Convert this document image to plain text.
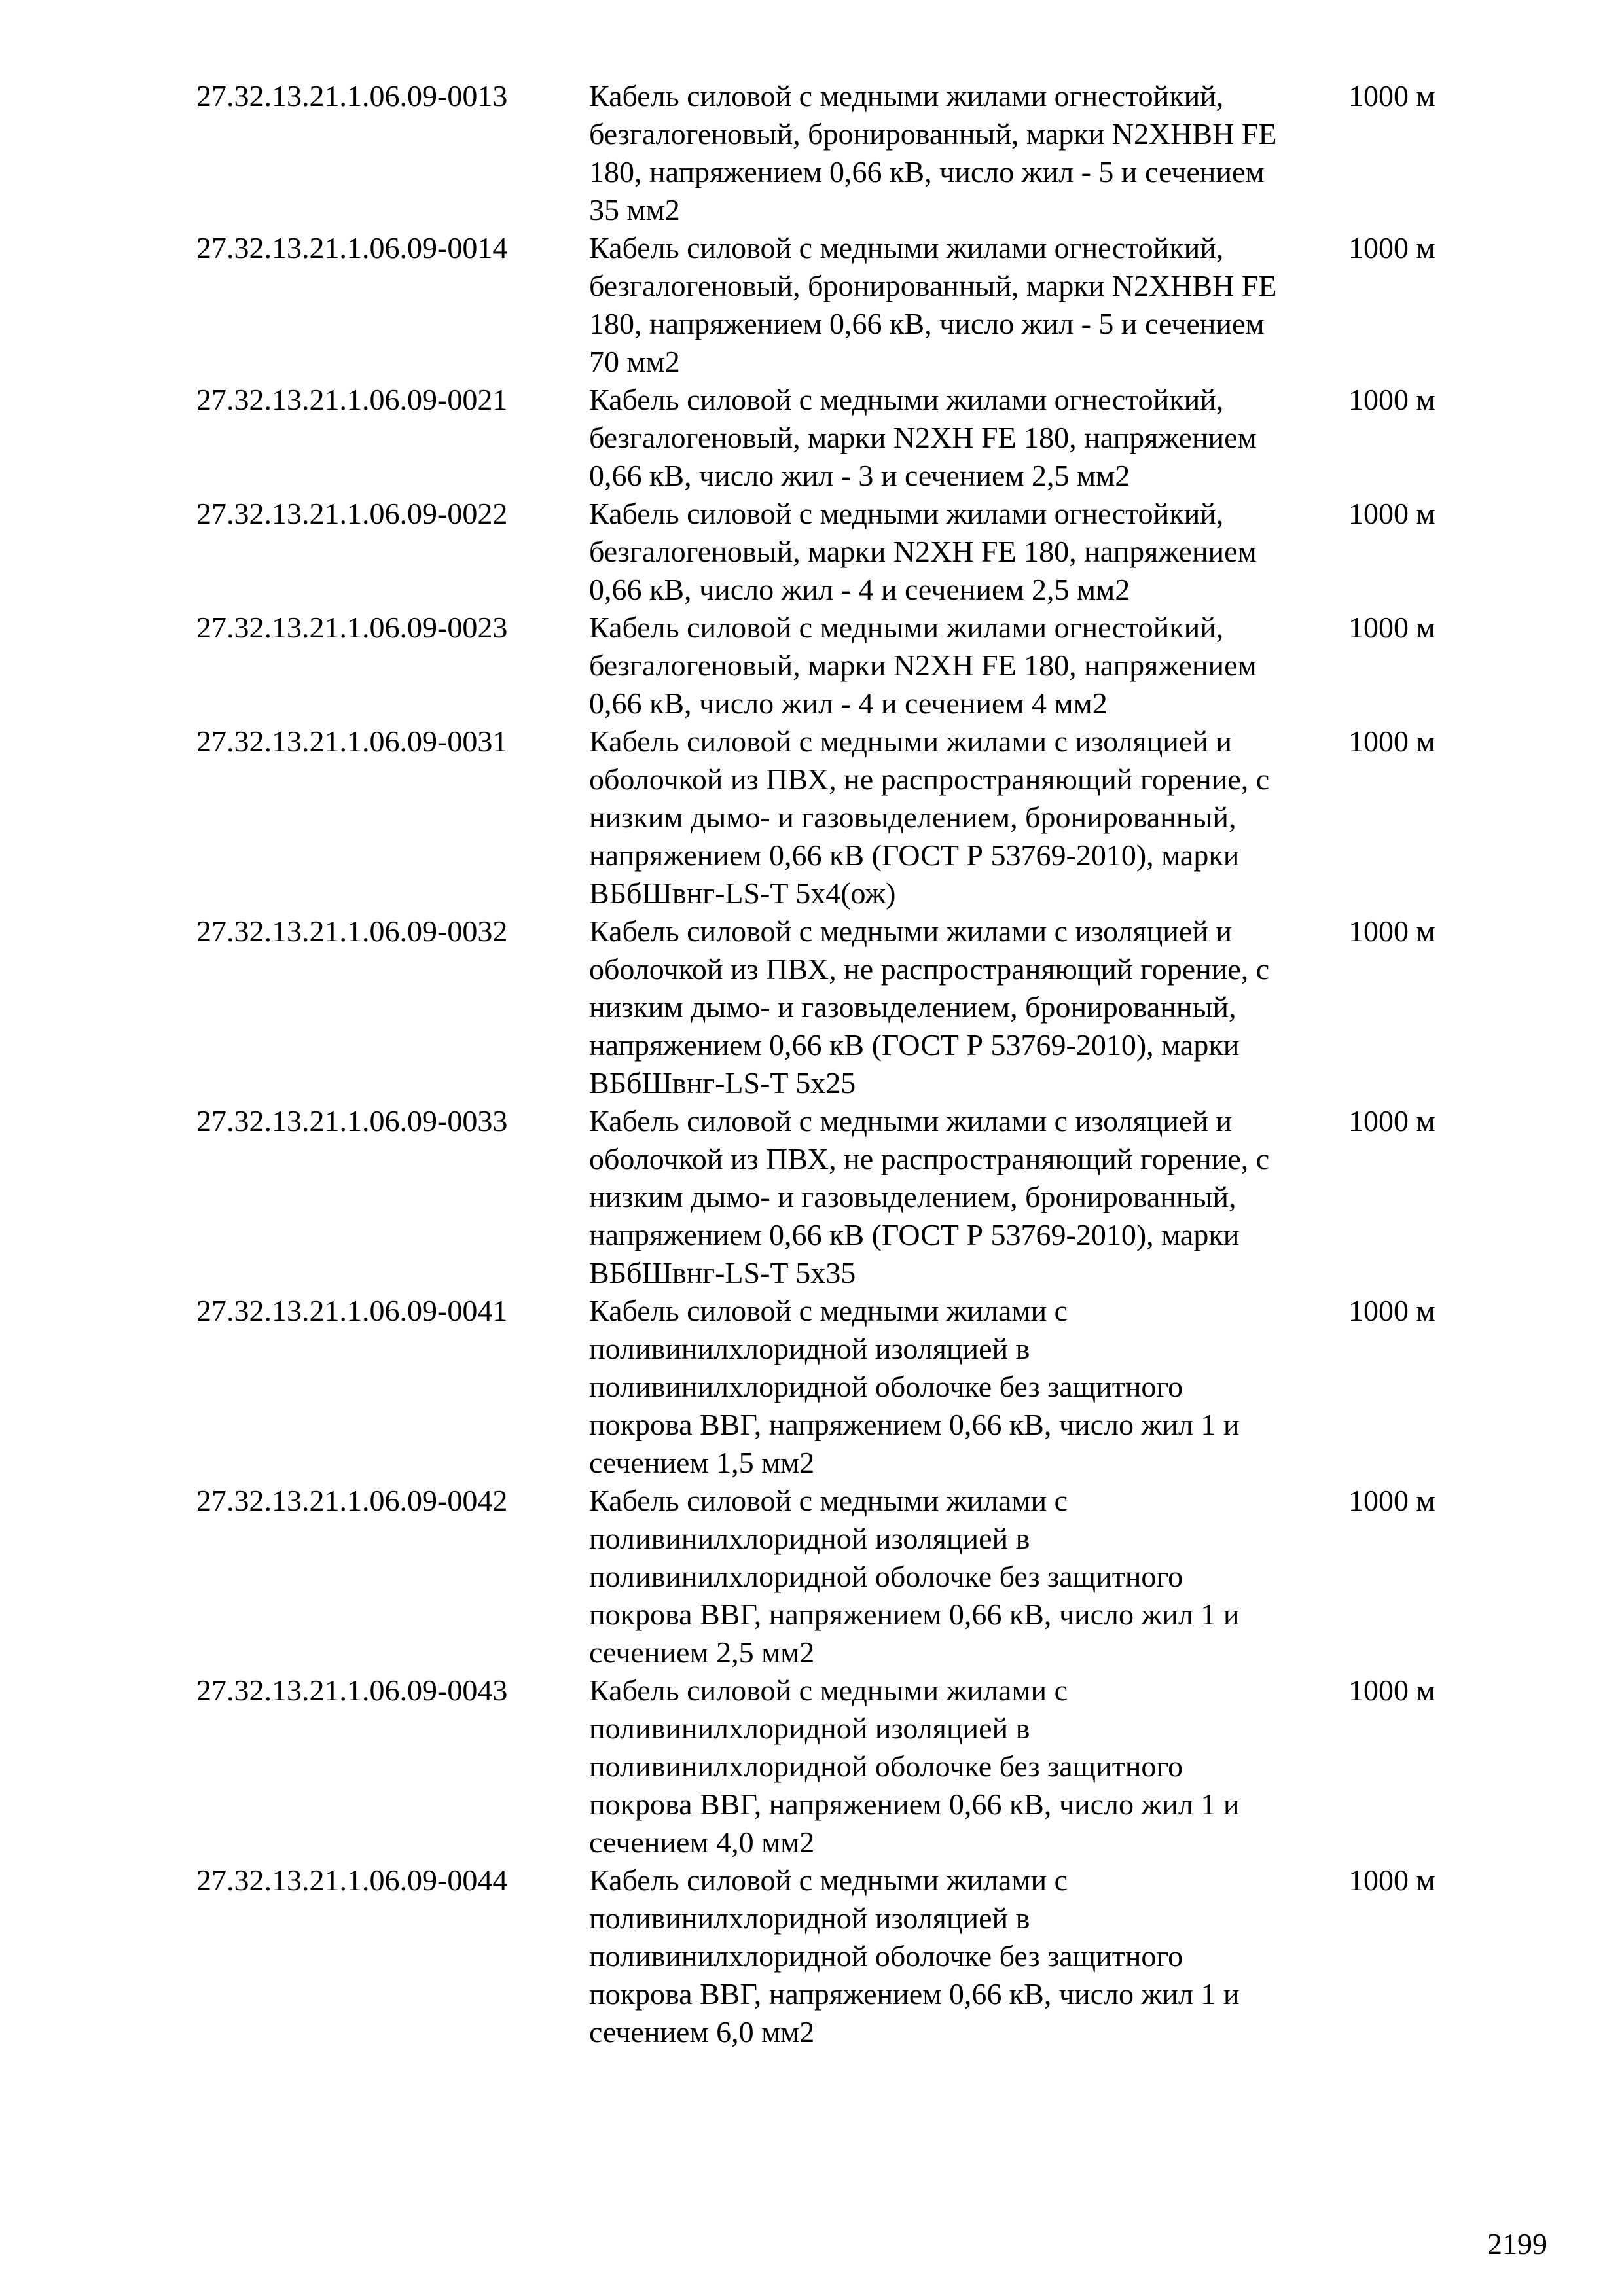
27.32.13.21.1.06.09-0013	Кабель силовой с медными жилами огнестойкий,
безгалогеновый, бронированный, марки N2XHBH FE
180, напряжением 0,66 кВ, число жил - 5 и сечением
35 мм2
1000 м
27.32.13.21.1.06.09-0014	Кабель силовой с медными жилами огнестойкий,
безгалогеновый, бронированный, марки N2XHBH FE
180, напряжением 0,66 кВ, число жил - 5 и сечением
70 мм2
1000 м
27.32.13.21.1.06.09-0021	Кабель силовой с медными жилами огнестойкий,
безгалогеновый, марки N2XH FE 180, напряжением
0,66 кВ, число жил - 3 и сечением 2,5 мм2
1000 м
27.32.13.21.1.06.09-0022	Кабель силовой с медными жилами огнестойкий,
безгалогеновый, марки N2XH FE 180, напряжением
0,66 кВ, число жил - 4 и сечением 2,5 мм2
1000 м
27.32.13.21.1.06.09-0023	Кабель силовой с медными жилами огнестойкий,
безгалогеновый, марки N2XH FE 180, напряжением
0,66 кВ, число жил - 4 и сечением 4 мм2
1000 м
27.32.13.21.1.06.09-0031	Кабель силовой с медными жилами с изоляцией и
оболочкой из ПВХ, не распространяющий горение, с
низким дымо- и газовыделением, бронированный,
напряжением 0,66 кВ (ГОСТ Р 53769-2010), марки
ВБбШвнг-LS-T 5х4(ож)
1000 м
27.32.13.21.1.06.09-0032	Кабель силовой с медными жилами с изоляцией и
оболочкой из ПВХ, не распространяющий горение, с
низким дымо- и газовыделением, бронированный,
напряжением 0,66 кВ (ГОСТ Р 53769-2010), марки
ВБбШвнг-LS-T 5х25
1000 м
27.32.13.21.1.06.09-0033	Кабель силовой с медными жилами с изоляцией и
оболочкой из ПВХ, не распространяющий горение, с
низким дымо- и газовыделением, бронированный,
напряжением 0,66 кВ (ГОСТ Р 53769-2010), марки
ВБбШвнг-LS-T 5х35
1000 м
27.32.13.21.1.06.09-0041	Кабель силовой с медными жилами с
поливинилхлоридной изоляцией в
поливинилхлоридной оболочке без защитного
покрова ВВГ, напряжением 0,66 кВ, число жил 1 и
сечением 1,5 мм2
1000 м
27.32.13.21.1.06.09-0042	Кабель силовой с медными жилами с
поливинилхлоридной изоляцией в
поливинилхлоридной оболочке без защитного
покрова ВВГ, напряжением 0,66 кВ, число жил 1 и
сечением 2,5 мм2
1000 м
27.32.13.21.1.06.09-0043	Кабель силовой с медными жилами с
поливинилхлоридной изоляцией в
поливинилхлоридной оболочке без защитного
покрова ВВГ, напряжением 0,66 кВ, число жил 1 и
сечением 4,0 мм2
1000 м
27.32.13.21.1.06.09-0044	Кабель силовой с медными жилами с
поливинилхлоридной изоляцией в
поливинилхлоридной оболочке без защитного
покрова ВВГ, напряжением 0,66 кВ, число жил 1 и
сечением 6,0 мм2
1000 м
2199
